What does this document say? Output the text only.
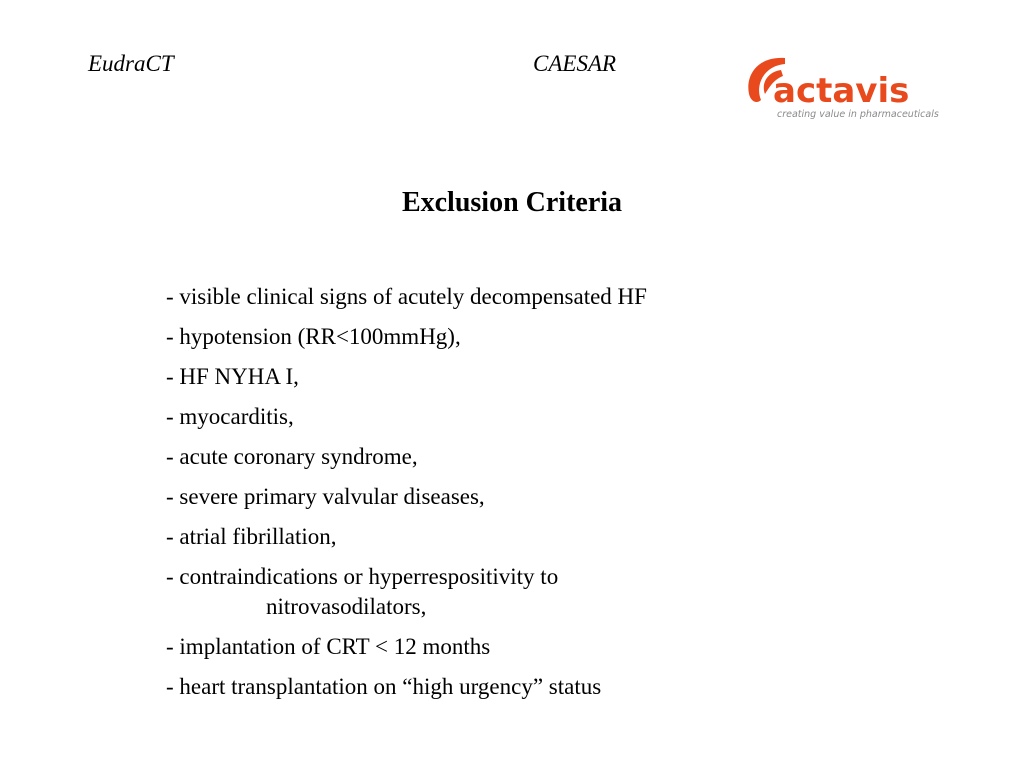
EudraCT	CAESAR
actavis
creating value in pharmaceuticals
Exclusion Criteria
- visible clinical signs of acutely decompensated HF
- hypotension (RR<100mmHg),
- HF NYHA I,
- myocarditis,
- acute coronary syndrome,
- severe primary valvular diseases,
- atrial fibrillation,
- contraindications or hyperrespositivity to
nitrovasodilators,
- implantation of CRT < 12 months
- heart transplantation on “high urgency” status
